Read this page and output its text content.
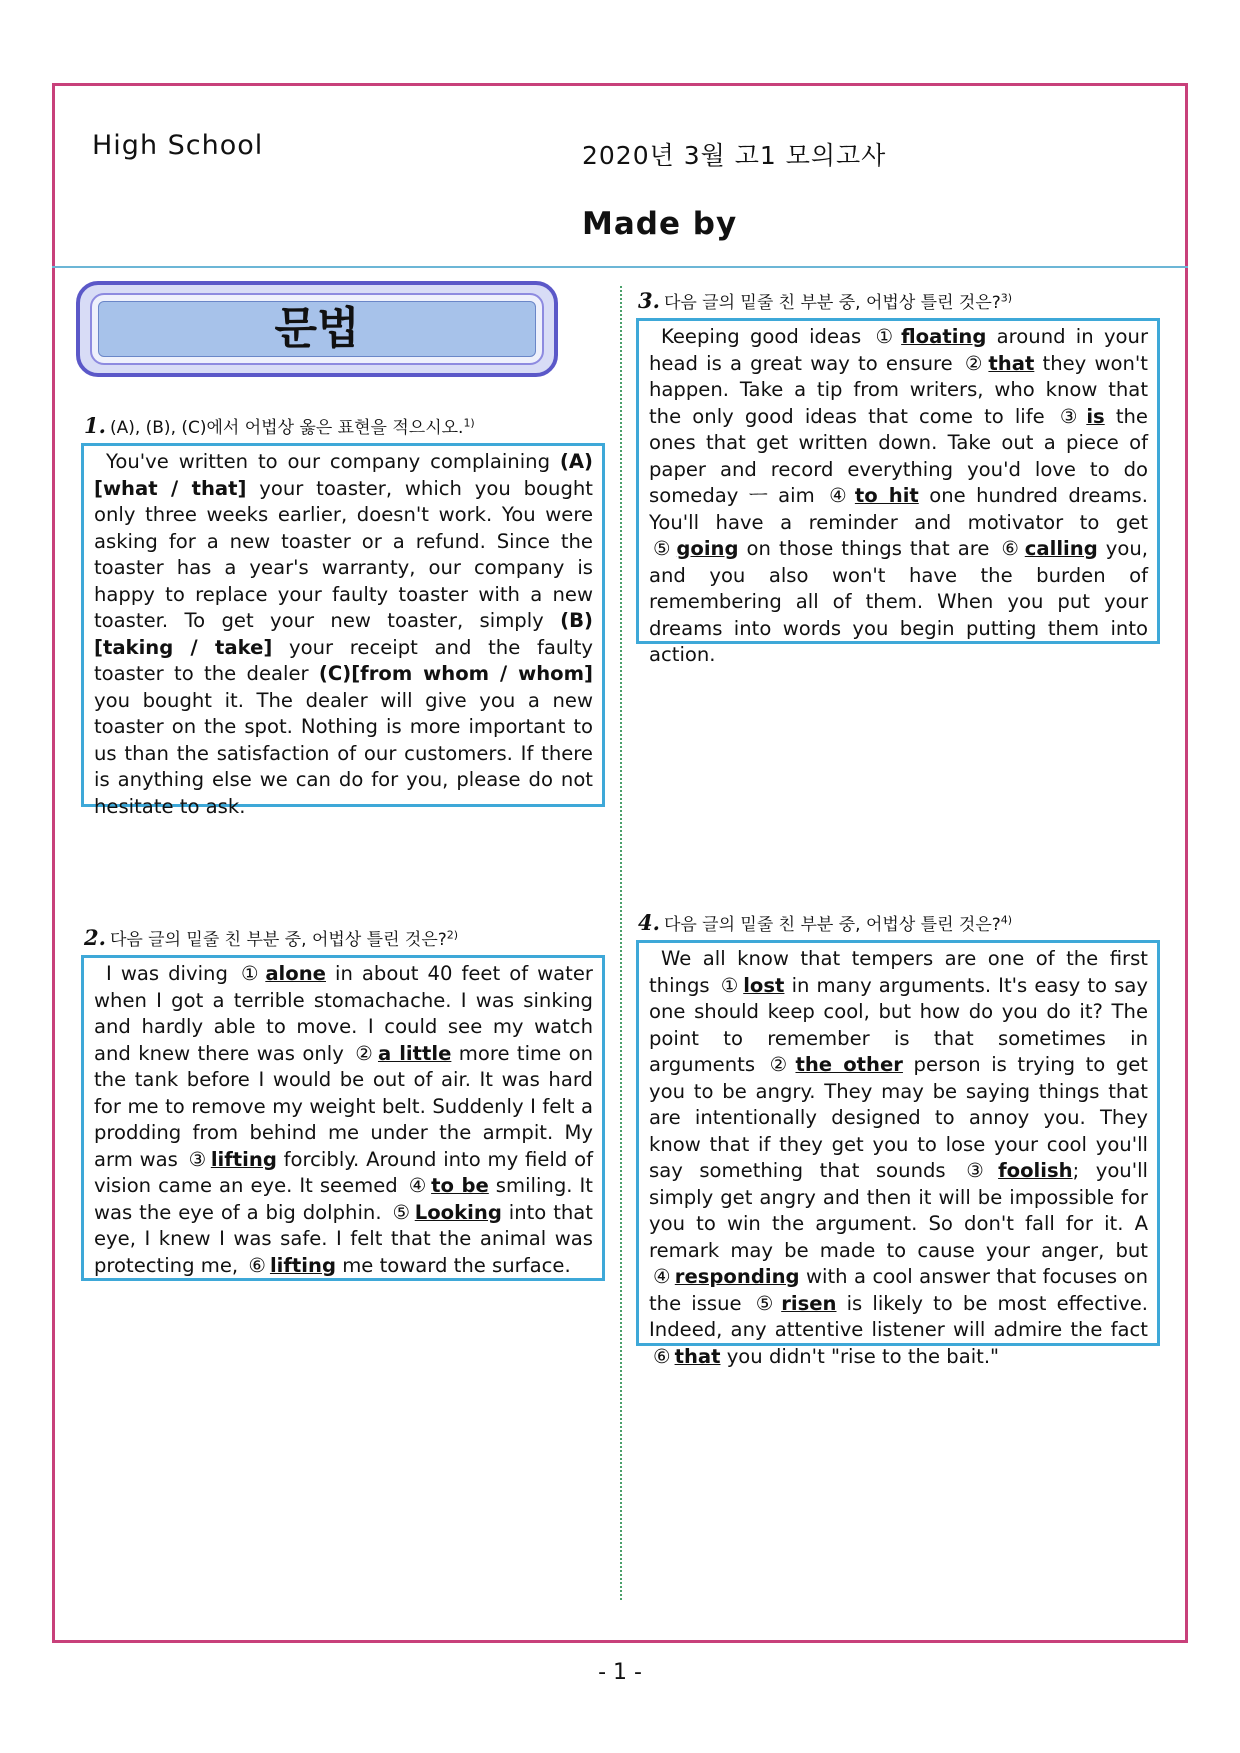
High School	2020년 3월 고1 모의고사
Made by
문법
1. (A), (B), (C)에서 어법상 옳은 표현을 적으시오.$^{1)}$
You've written to our company complaining (A)[what / that] your toaster, which you bought only three weeks earlier, doesn't work. You were asking for a new toaster or a refund. Since the toaster has a year's warranty, our company is happy to replace your faulty toaster with a new toaster. To get your new toaster, simply (B)[taking / take] your receipt and the faulty toaster to the dealer (C)[from whom / whom] you bought it. The dealer will give you a new toaster on the spot. Nothing is more important to us than the satisfaction of our customers. If there is anything else we can do for you, please do not hesitate to ask.
2. 다음 글의 밑줄 친 부분 중, 어법상 틀린 것은?$^{2)}$
I was diving ① alone in about 40 feet of water when I got a terrible stomachache. I was sinking and hardly able to move. I could see my watch and knew there was only ② a little more time on the tank before I would be out of air. It was hard for me to remove my weight belt. Suddenly I felt a prodding from behind me under the armpit. My arm was ③ lifting forcibly. Around into my field of vision came an eye. It seemed ④ to be smiling. It was the eye of a big dolphin. ⑤ Looking into that eye, I knew I was safe. I felt that the animal was protecting me, ⑥ lifting me toward the surface.
3. 다음 글의 밑줄 친 부분 중, 어법상 틀린 것은?$^{3)}$
Keeping good ideas ① floating around in your head is a great way to ensure ② that they won't happen. Take a tip from writers, who know that the only good ideas that come to life ③ is the ones that get written down. Take out a piece of paper and record everything you'd love to do someday ㅡ aim ④ to hit one hundred dreams. You'll have a reminder and motivator to get ⑤ going on those things that are ⑥ calling you, and you also won't have the burden of remembering all of them. When you put your dreams into words you begin putting them into action.
4. 다음 글의 밑줄 친 부분 중, 어법상 틀린 것은?$^{4)}$
We all know that tempers are one of the first things ① lost in many arguments. It's easy to say one should keep cool, but how do you do it? The point to remember is that sometimes in arguments ② the other person is trying to get you to be angry. They may be saying things that are intentionally designed to annoy you. They know that if they get you to lose your cool you'll say something that sounds ③ foolish; you'll simply get angry and then it will be impossible for you to win the argument. So don't fall for it. A remark may be made to cause your anger, but ④ responding with a cool answer that focuses on the issue ⑤ risen is likely to be most effective. Indeed, any attentive listener will admire the fact ⑥ that you didn't "rise to the bait."
- 1 -
